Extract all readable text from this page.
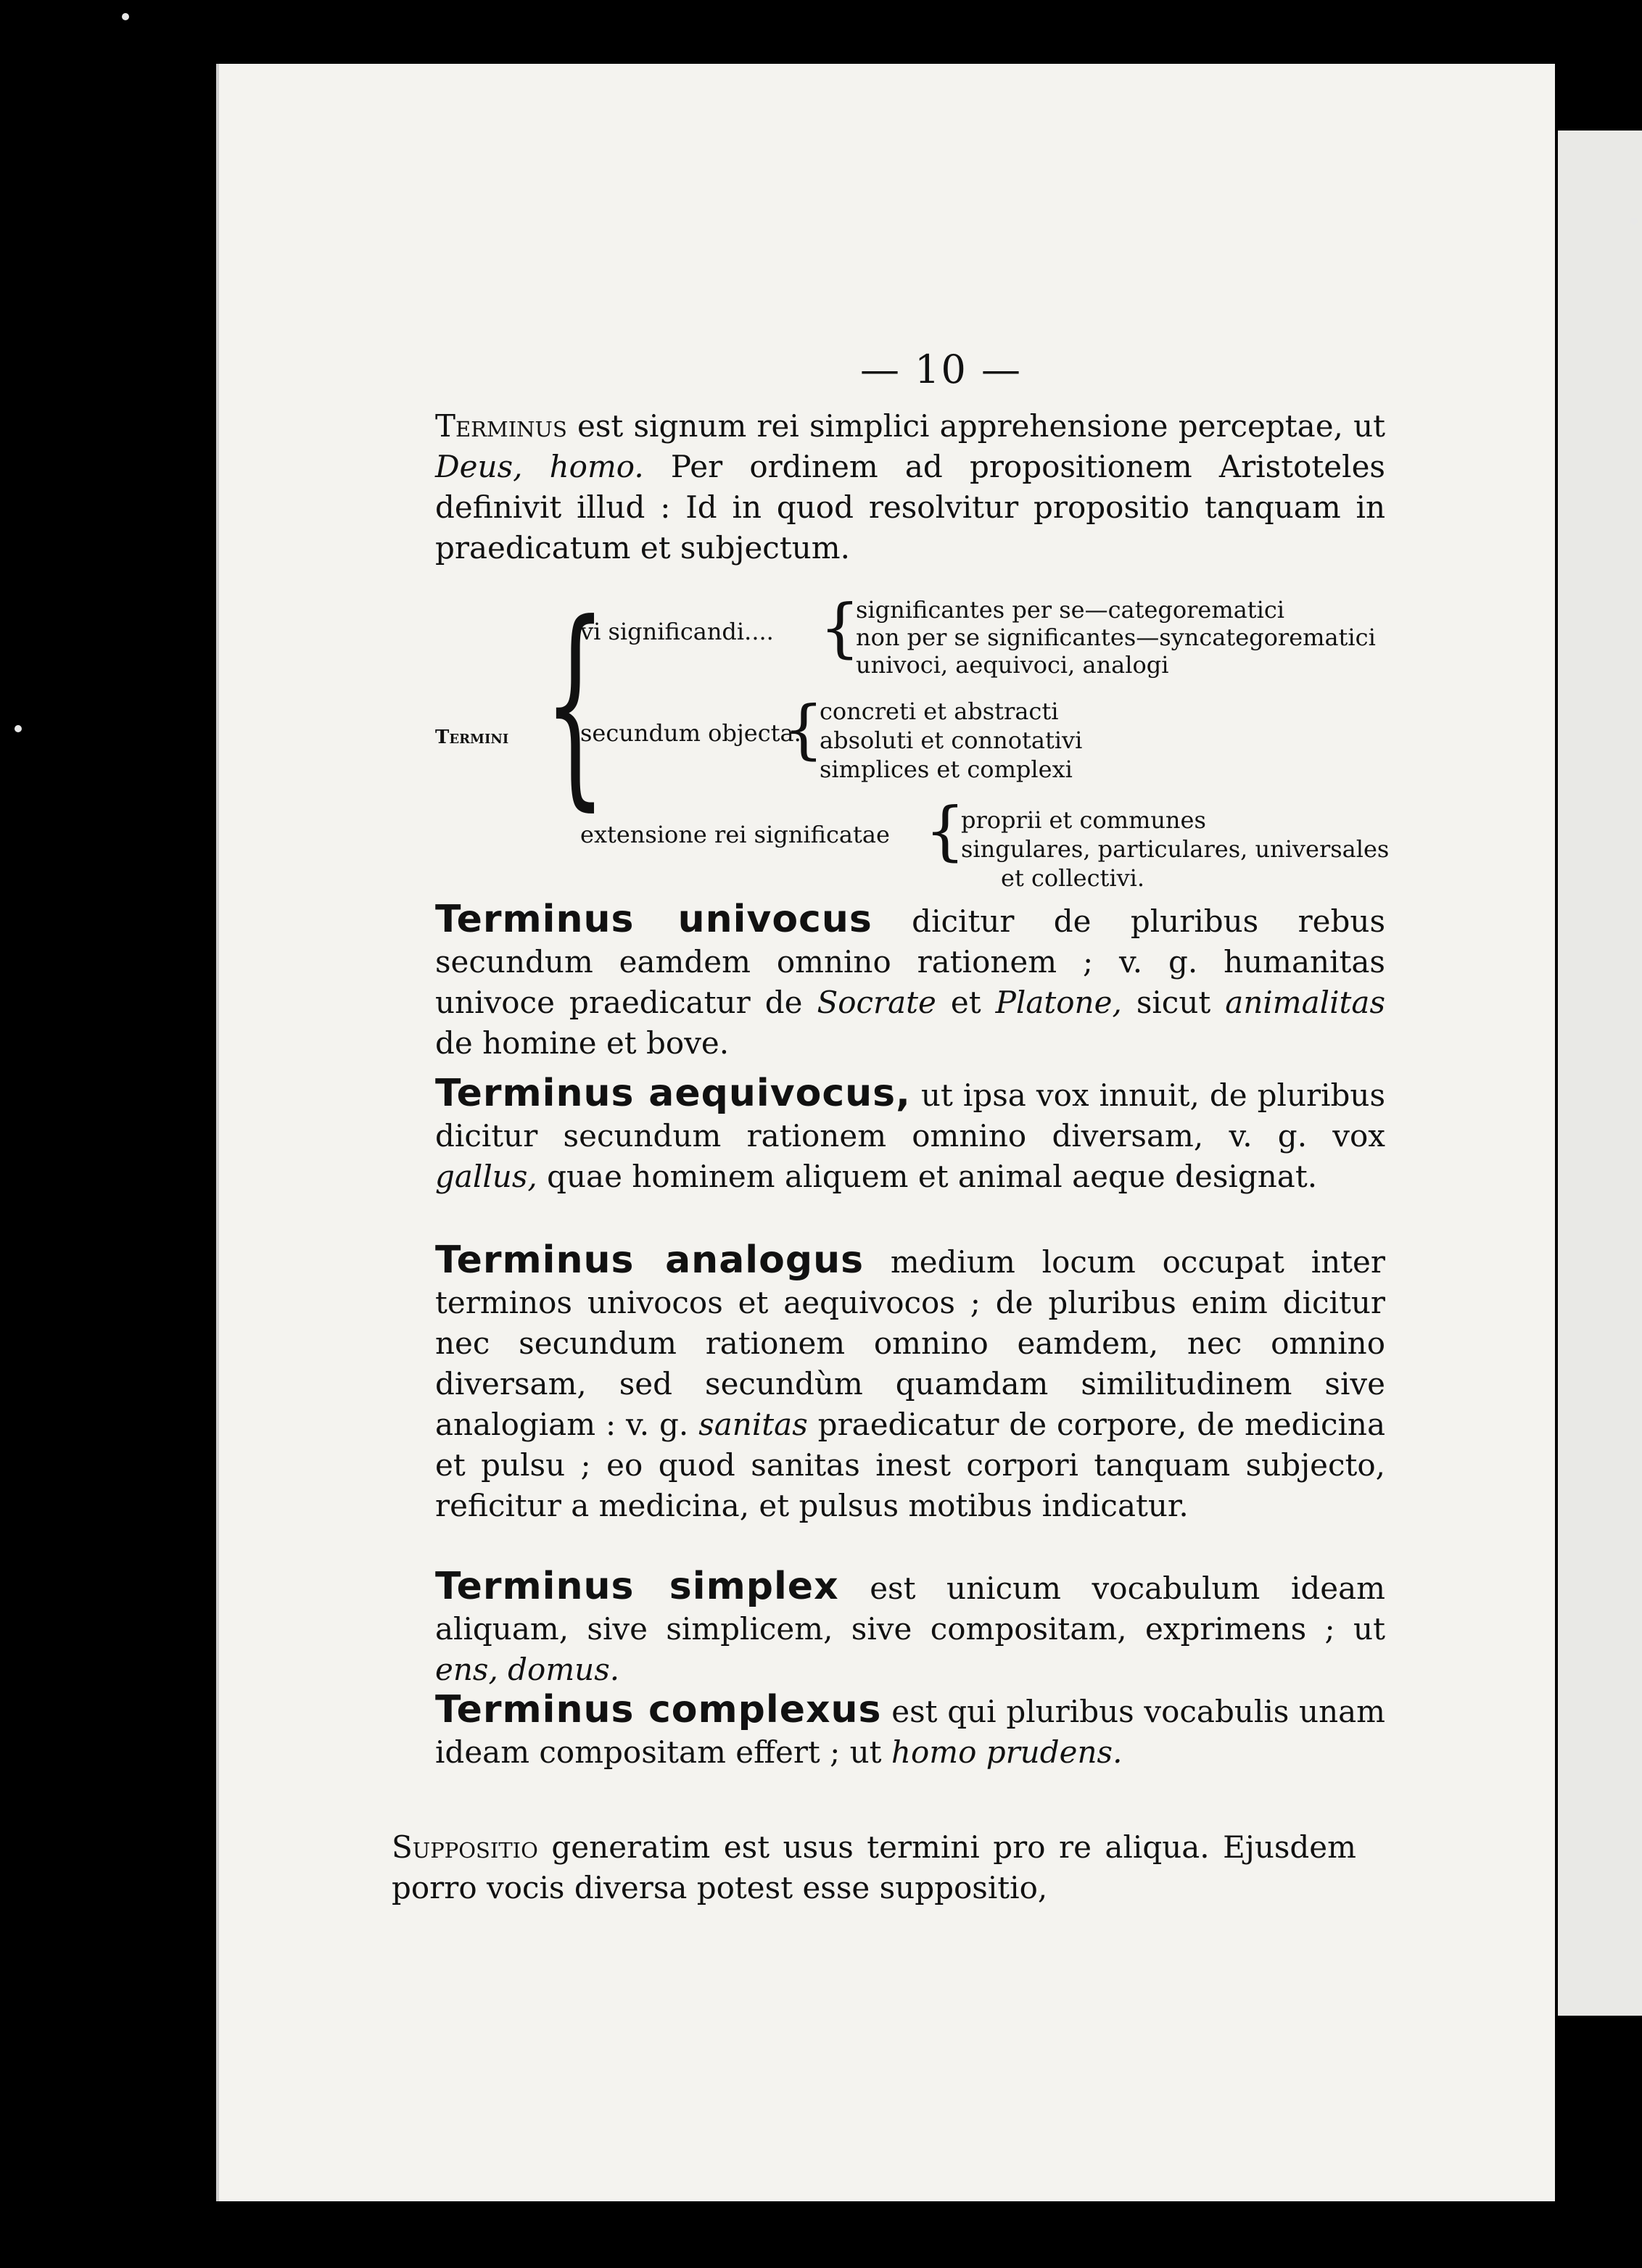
— 10 —
Terminus est signum rei simplici apprehensione perceptae, ut Deus, homo. Per ordinem ad propositionem Aristoteles definivit illud : Id in quod resolvitur propositio tanquam in praedicatum et subjectum.
Termini {
vi significandi.... {
significantes per se—categorematici
non per se significantes—syncategorematici
univoci, aequivoci, analogi
secundum objecta..
{
concreti et abstracti
absoluti et connotativi
simplices et complexi
extensione rei significatae {
proprii et communes
singulares, particulares, universales
et collectivi.
Terminus univocus dicitur de pluribus rebus secundum eamdem omnino rationem ; v. g. humanitas univoce praedicatur de Socrate et Platone, sicut animalitas de homine et bove.
Terminus aequivocus, ut ipsa vox innuit, de pluribus dicitur secundum rationem omnino diversam, v. g. vox gallus, quae hominem aliquem et animal aeque designat.
Terminus analogus medium locum occupat inter terminos univocos et aequivocos ; de pluribus enim dicitur nec secundum rationem omnino eamdem, nec omnino diversam, sed secundùm quamdam similitudinem sive analogiam : v. g. sanitas praedicatur de corpore, de medicina et pulsu ; eo quod sanitas inest corpori tanquam subjecto, reficitur a medicina, et pulsus motibus indicatur.
Terminus simplex est unicum vocabulum ideam aliquam, sive simplicem, sive compositam, exprimens ; ut ens, domus.
Terminus complexus est qui pluribus vocabulis unam ideam compositam effert ; ut homo prudens.
Suppositio generatim est usus termini pro re aliqua. Ejusdem porro vocis diversa potest esse suppositio,
